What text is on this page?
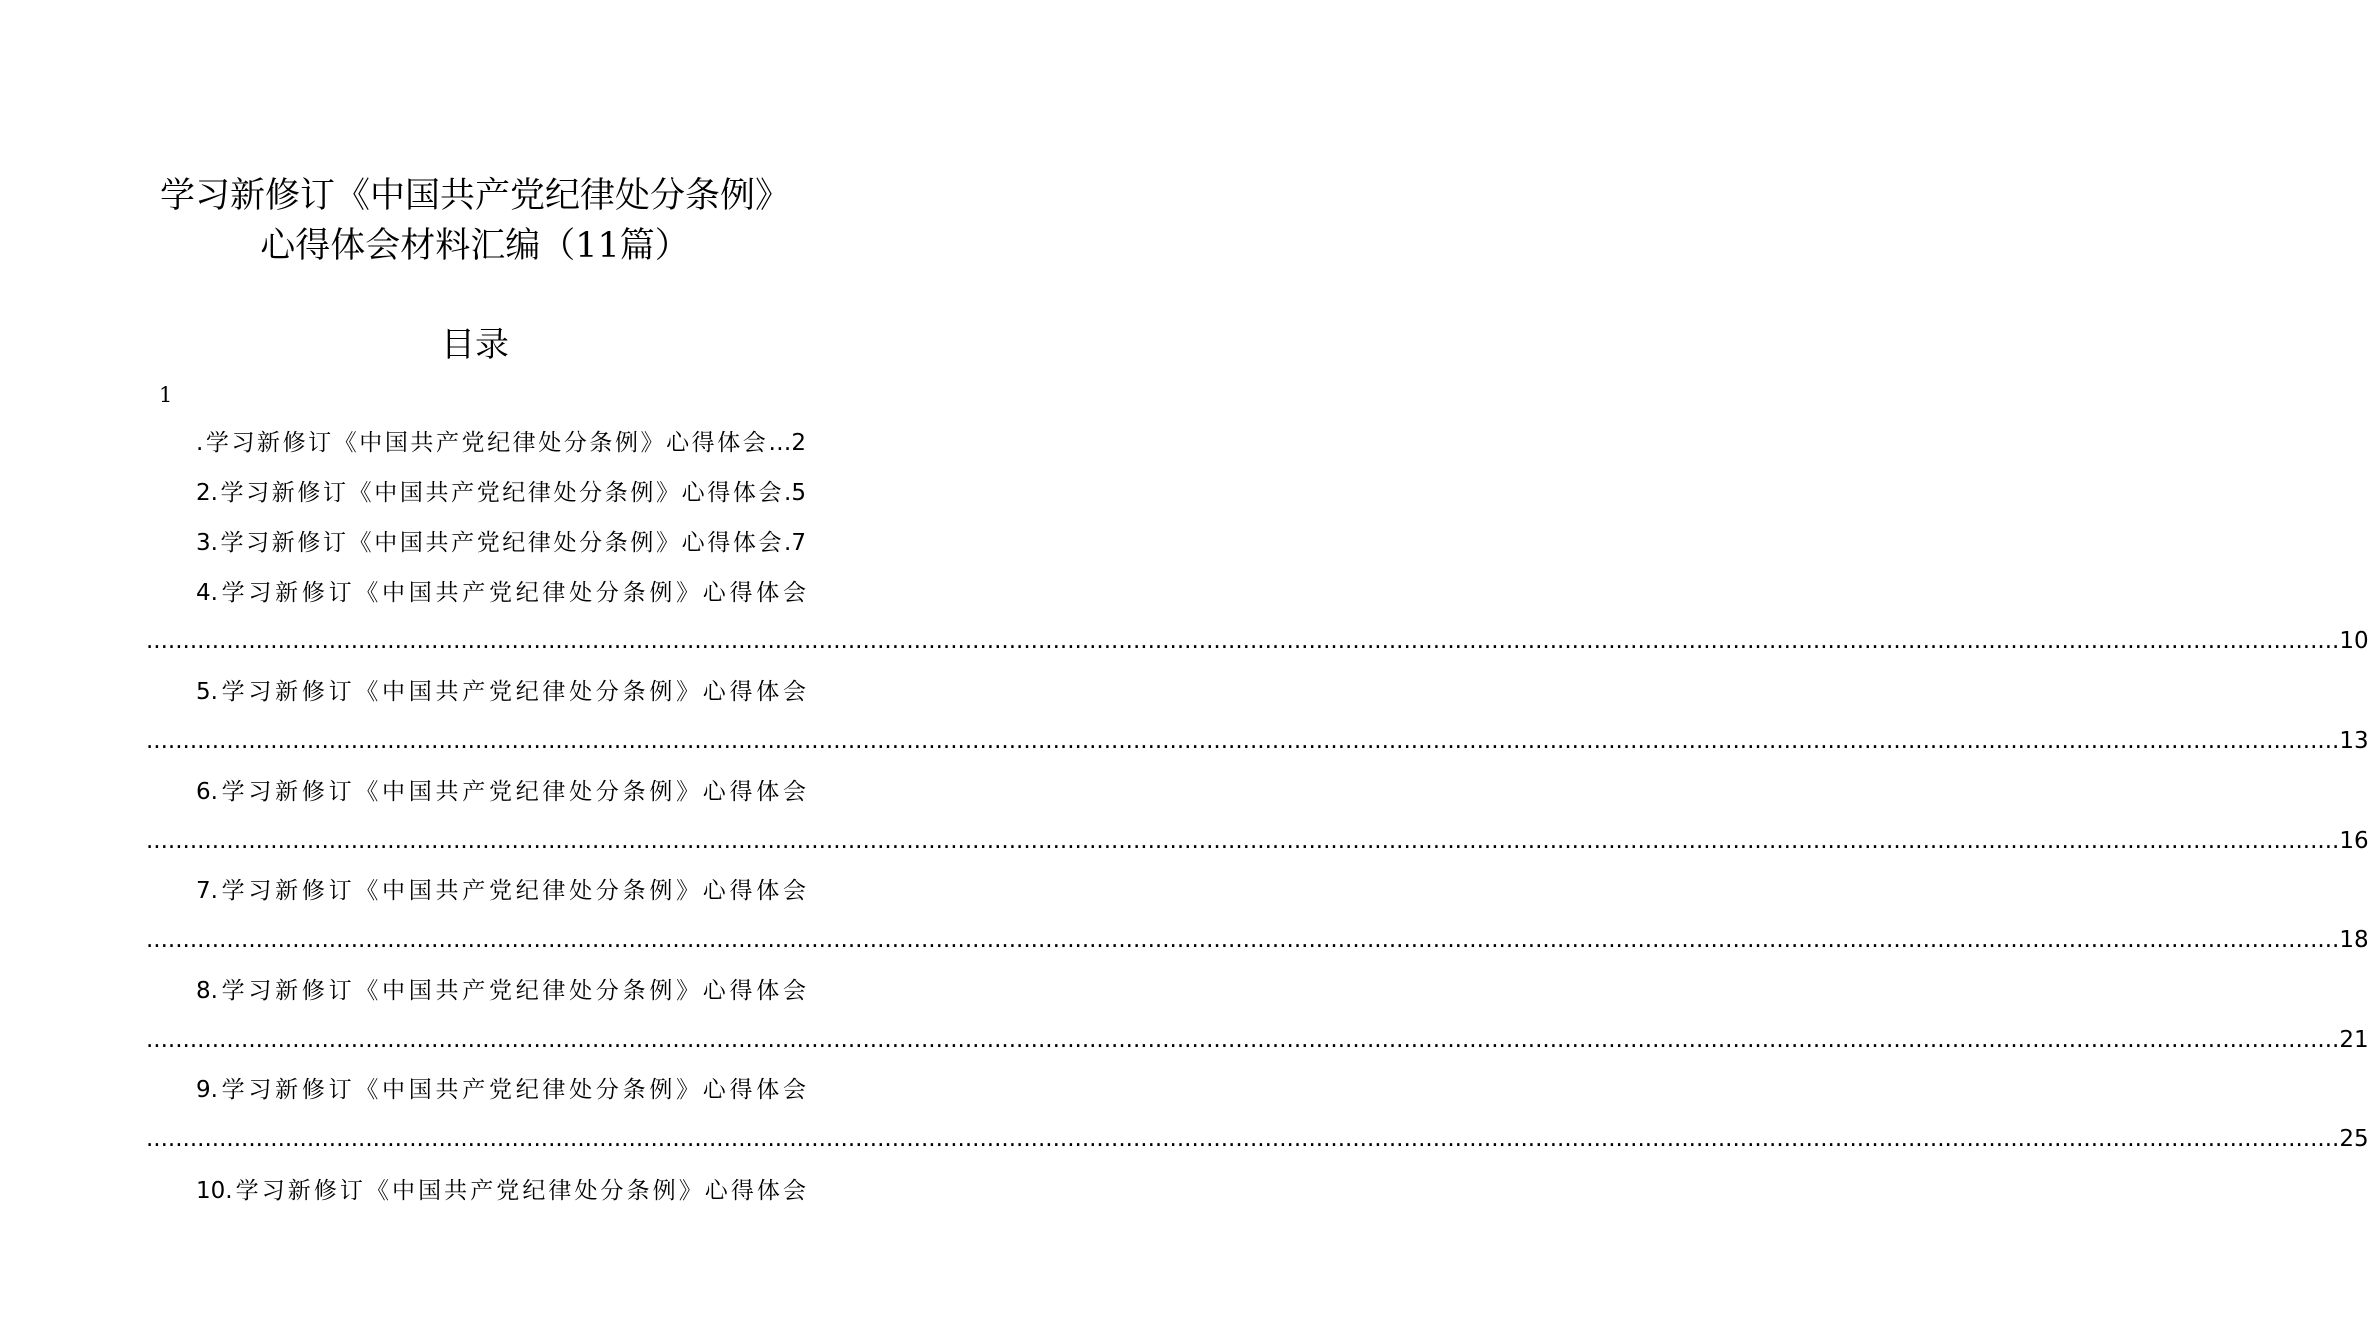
学习新修订《中国共产党纪律处分条例》
心得体会材料汇编（11篇）
目录
1
.学习新修订《中国共产党纪律处分条例》心得体会…2
2.学习新修订《中国共产党纪律处分条例》心得体会.5
3.学习新修订《中国共产党纪律处分条例》心得体会.7
4.学习新修订《中国共产党纪律处分条例》心得体会
............................................................................................................................................................................................................................................................................................................ 10
5.学习新修订《中国共产党纪律处分条例》心得体会
............................................................................................................................................................................................................................................................................................................ 13
6.学习新修订《中国共产党纪律处分条例》心得体会
............................................................................................................................................................................................................................................................................................................ 16
7.学习新修订《中国共产党纪律处分条例》心得体会
............................................................................................................................................................................................................................................................................................................ 18
8.学习新修订《中国共产党纪律处分条例》心得体会
............................................................................................................................................................................................................................................................................................................ 21
9.学习新修订《中国共产党纪律处分条例》心得体会
............................................................................................................................................................................................................................................................................................................ 25
10.学习新修订《中国共产党纪律处分条例》心得体会
